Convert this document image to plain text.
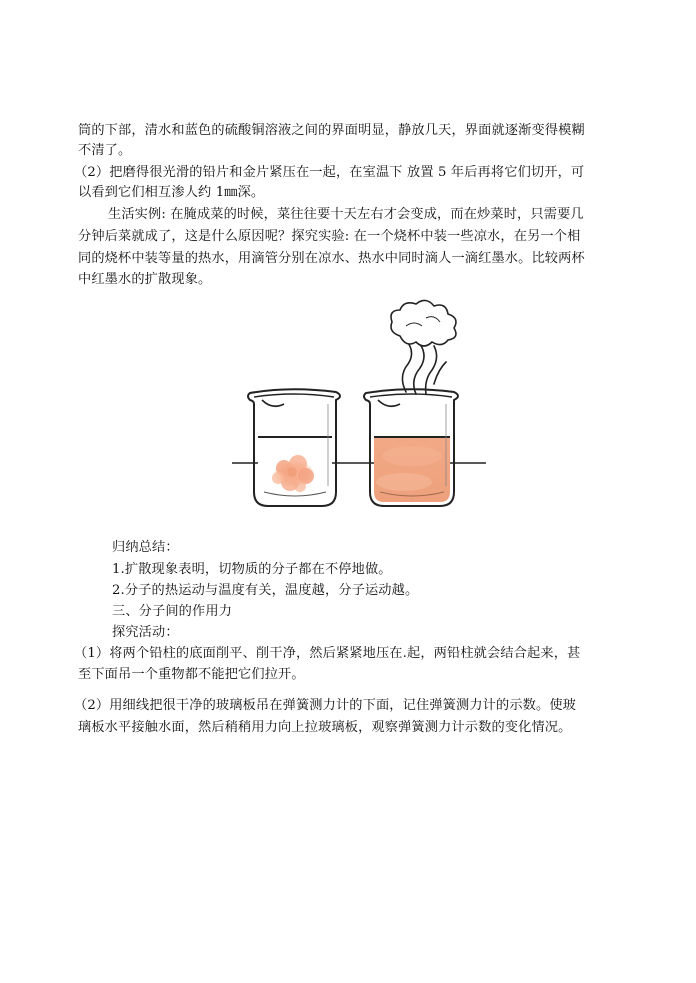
筒的下部，清水和蓝色的硫酸铜溶液之间的界面明显，静放几天，界面就逐渐变得模糊
不清了。
（2）把磨得很光滑的铅片和金片紧压在一起，在室温下 放置 5 年后再将它们切开，可
以看到它们相互渗人约 1㎜深。
生活实例: 在腌成菜的时候，菜往往要十天左右才会变成，而在炒菜时，只需要几
分钟后菜就成了，这是什么原因呢？探究实验: 在一个烧杯中装一些凉水，在另一个相
同的烧杯中装等量的热水，用滴管分别在凉水、热水中同时滴人一滴红墨水。比较两杯
中红墨水的扩散现象。
归纳总结：
1.扩散现象表明，切物质的分子都在不停地做。
2.分子的热运动与温度有关，温度越，分子运动越。
三、分子间的作用力
探究活动：
（1）将两个铅柱的底面削平、削干净，然后紧紧地压在.起，两铅柱就会结合起来，甚
至下面吊一个重物都不能把它们拉开。
（2）用细线把很干净的玻璃板吊在弹簧测力计的下面，记住弹簧测力计的示数。使玻
璃板水平接触水面，然后稍稍用力向上拉玻璃板，观察弹簧测力计示数的变化情况。
